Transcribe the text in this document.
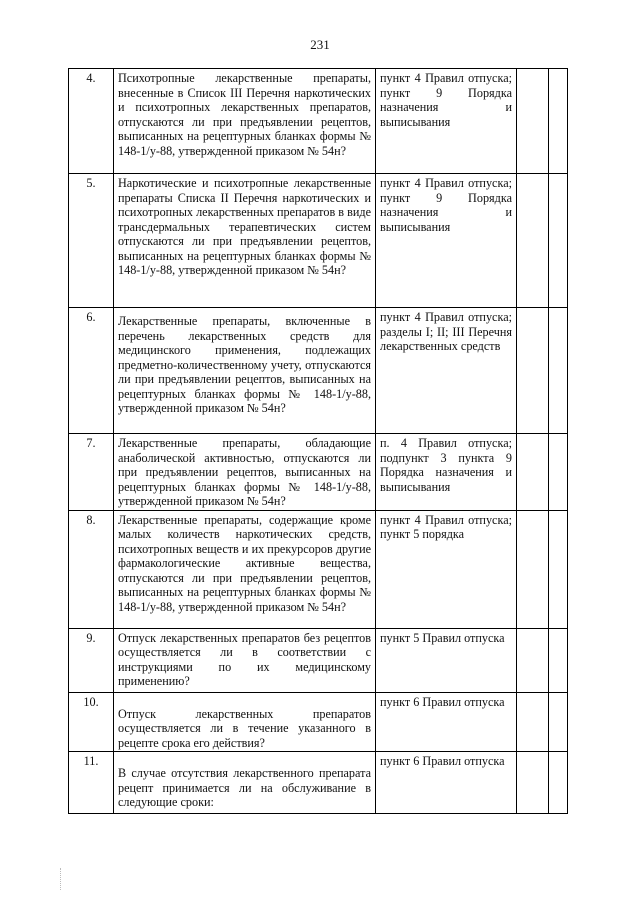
231
4.	Психотропные лекарственные препараты, внесенные в Список III Перечня наркотических и психотропных лекарственных препаратов, отпускаются ли при предъявлении рецептов, выписанных на рецептурных бланках формы № 148-1/у-88, утвержденной приказом № 54н?	пункт 4 Правил отпуска; пункт 9 Порядка назначения и выписывания		
5.	Наркотические и психотропные лекарственные препараты Списка II Перечня наркотических и психотропных лекарственных препаратов в виде трансдермальных терапевтических систем отпускаются ли при предъявлении рецептов, выписанных на рецептурных бланках формы № 148-1/у-88, утвержденной приказом № 54н?	пункт 4 Правил отпуска; пункт 9 Порядка назначения и выписывания		
6.	Лекарственные препараты, включенные в перечень лекарственных средств для медицинского применения, подлежащих предметно-количественному учету, отпускаются ли при предъявлении рецептов, выписанных на рецептурных бланках формы № 148-1/у-88, утвержденной приказом № 54н?	пункт 4 Правил отпуска; разделы I; II; III Перечня лекарственных средств		
7.	Лекарственные препараты, обладающие анаболической активностью, отпускаются ли при предъявлении рецептов, выписанных на рецептурных бланках формы № 148-1/у-88, утвержденной приказом № 54н?	п. 4 Правил отпуска; подпункт 3 пункта 9 Порядка назначения и выписывания		
8.	Лекарственные препараты, содержащие кроме малых количеств наркотических средств, психотропных веществ и их прекурсоров другие фармакологические активные вещества, отпускаются ли при предъявлении рецептов, выписанных на рецептурных бланках формы № 148-1/у-88, утвержденной приказом № 54н?	пункт 4 Правил отпуска; пункт 5 порядка		
9.	Отпуск лекарственных препаратов без рецептов осуществляется ли в соответствии с инструкциями по их медицинскому применению?	пункт 5 Правил отпуска		
10.	Отпуск лекарственных препаратов осуществляется ли в течение указанного в рецепте срока его действия?	пункт 6 Правил отпуска		
11.	В случае отсутствия лекарственного препарата рецепт принимается ли на обслуживание в следующие сроки:	пункт 6 Правил отпуска		
